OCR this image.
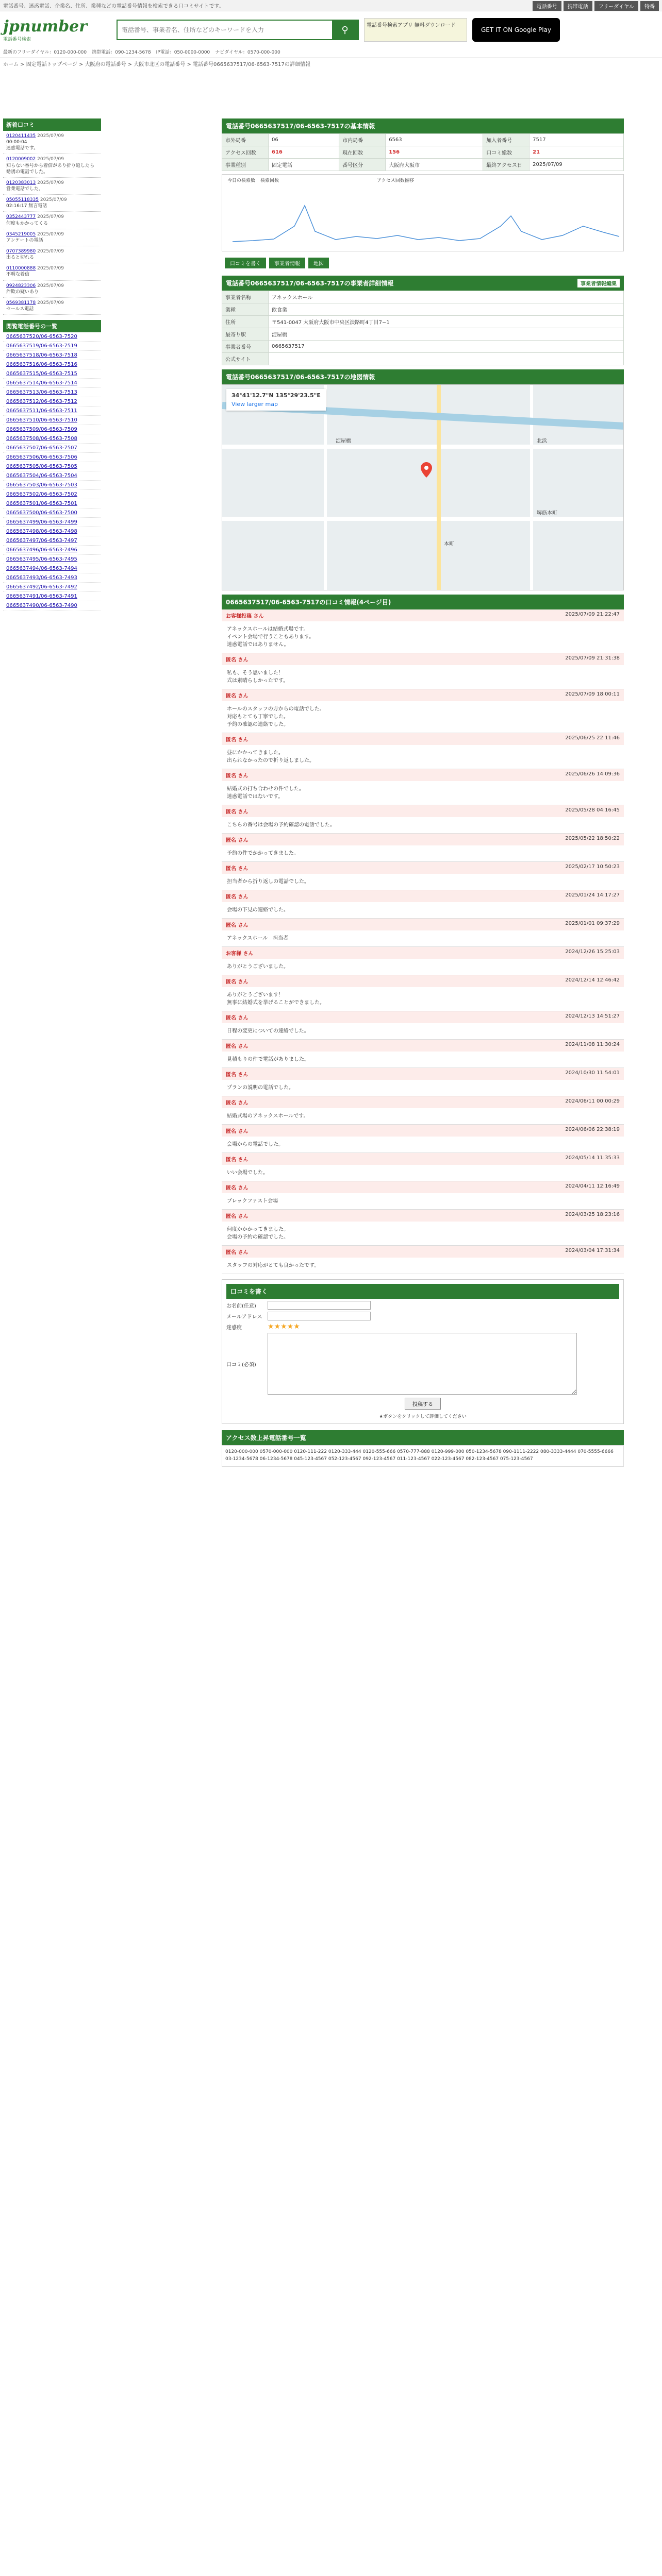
電話番号、迷惑電話、企業名、住所、業種などの電話番号情報を検索できる口コミサイトです。	電話番号	携帯電話	フリーダイヤル	特番
jpnumber
電話番号検索
電話番号、事業者名、住所などのキーワードを入力
⚲	電話番号検索アプリ 無料ダウンロード
GET IT ON Google Play
最新のフリーダイヤル：0120-000-000 携帯電話：090-1234-5678 IP電話：050-0000-0000 ナビダイヤル：0570-000-000
ホーム > 固定電話トップページ > 大阪府の電話番号 > 大阪市北区の電話番号 > 電話番号0665637517/06-6563-7517の詳細情報
新着口コミ
0120411435 2025/07/09
00:00:04
迷惑電話です。
0120009002 2025/07/09
知らない番号から着信があり折り返したら勧誘の電話でした。
0120383013 2025/07/09
営業電話でした。
05055118335 2025/07/09
02:16:17 無言電話
0352443777 2025/07/09
何度もかかってくる
0345219005 2025/07/09
アンケートの電話
0707389980 2025/07/09
出ると切れる
0110000888 2025/07/09
不明な着信
0924823306 2025/07/09
詐欺の疑いあり
0569381178 2025/07/09
セールス電話
閲覧電話番号の一覧
0665637520/06-6563-7520
0665637519/06-6563-7519
0665637518/06-6563-7518
0665637516/06-6563-7516
0665637515/06-6563-7515
0665637514/06-6563-7514
0665637513/06-6563-7513
0665637512/06-6563-7512
0665637511/06-6563-7511
0665637510/06-6563-7510
0665637509/06-6563-7509
0665637508/06-6563-7508
0665637507/06-6563-7507
0665637506/06-6563-7506
0665637505/06-6563-7505
0665637504/06-6563-7504
0665637503/06-6563-7503
0665637502/06-6563-7502
0665637501/06-6563-7501
0665637500/06-6563-7500
0665637499/06-6563-7499
0665637498/06-6563-7498
0665637497/06-6563-7497
0665637496/06-6563-7496
0665637495/06-6563-7495
0665637494/06-6563-7494
0665637493/06-6563-7493
0665637492/06-6563-7492
0665637491/06-6563-7491
0665637490/06-6563-7490
電話番号0665637517/06-6563-7517の基本情報
市外局番	06	市内局番	6563	加入者番号	7517
アクセス回数	616	現在回数	156	口コミ総数	21
事業種別	固定電話	番号区分	大阪府大阪市	最終アクセス日	2025/07/09
アクセス回数推移
今日の検索数 検索回数
口コミを書く	事業者情報	地図
電話番号0665637517/06-6563-7517の事業者詳細情報	事業者情報編集
事業者名称	アネックスホール
業種	飲食業
住所	〒541-0047 大阪府大阪市中央区淡路町4丁目7−1
最寄り駅	淀屋橋
事業者番号	0665637517
公式サイト	
電話番号0665637517/06-6563-7517の地図情報
34°41'12.7"N 135°29'23.5"E
View larger map
淀屋橋
本町
北浜
堺筋本町
0665637517/06-6563-7517の口コミ情報(4ページ目)
お客様投稿 さん	2025/07/09 21:22:47
アネックスホールは結婚式場です。
イベント会場で行うこともあります。
迷惑電話ではありません。
匿名 さん	2025/07/09 21:31:38
私も、そう思いました！
式は素晴らしかったです。
匿名 さん	2025/07/09 18:00:11
ホールのスタッフの方からの電話でした。
対応もとても丁寧でした。
予約の確認の連絡でした。
匿名 さん	2025/06/25 22:11:46
昼にかかってきました。
出られなかったので折り返しました。
匿名 さん	2025/06/26 14:09:36
結婚式の打ち合わせの件でした。
迷惑電話ではないです。
匿名 さん	2025/05/28 04:16:45
こちらの番号は会場の予約確認の電話でした。
匿名 さん	2025/05/22 18:50:22
予約の件でかかってきました。
匿名 さん	2025/02/17 10:50:23
担当者から折り返しの電話でした。
匿名 さん	2025/01/24 14:17:27
会場の下見の連絡でした。
匿名 さん	2025/01/01 09:37:29
アネックスホール　担当者
お客様 さん	2024/12/26 15:25:03
ありがとうございました。
匿名 さん	2024/12/14 12:46:42
ありがとうございます！
無事に結婚式を挙げることができました。
匿名 さん	2024/12/13 14:51:27
日程の変更についての連絡でした。
匿名 さん	2024/11/08 11:30:24
見積もりの件で電話がありました。
匿名 さん	2024/10/30 11:54:01
プランの説明の電話でした。
匿名 さん	2024/06/11 00:00:29
結婚式場のアネックスホールです。
匿名 さん	2024/06/06 22:38:19
会場からの電話でした。
匿名 さん	2024/05/14 11:35:33
いい会場でした。
匿名 さん	2024/04/11 12:16:49
ブレックファスト会場
匿名 さん	2024/03/25 18:23:16
何度かかかってきました。
会場の予約の確認でした。
匿名 さん	2024/03/04 17:31:34
スタッフの対応がとても良かったです。
口コミを書く
お名前(任意)
メールアドレス
迷惑度	★★★★★
口コミ(必須)
投稿する
★ボタンをクリックして評価してください
アクセス数上昇電話番号一覧
0120-000-000 0570-000-000 0120-111-222 0120-333-444 0120-555-666 0570-777-888 0120-999-000 050-1234-5678 090-1111-2222 080-3333-4444 070-5555-6666 03-1234-5678 06-1234-5678 045-123-4567 052-123-4567 092-123-4567 011-123-4567 022-123-4567 082-123-4567 075-123-4567
